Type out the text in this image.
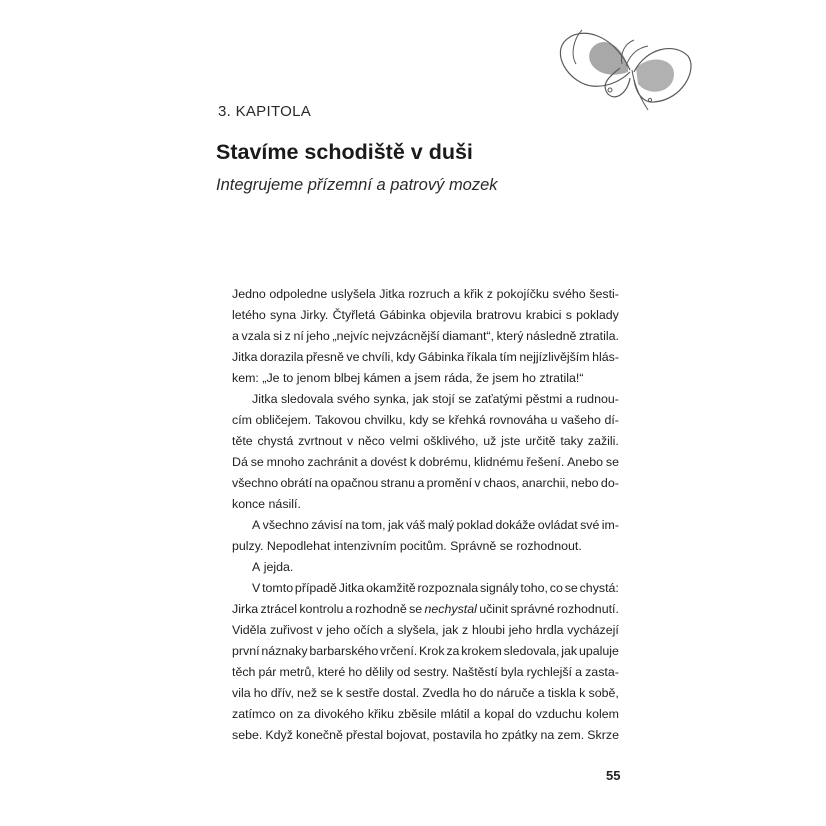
3. KAPITOLA
Stavíme schodiště v duši
Integrujeme přízemní a patrový mozek
Jedno odpoledne uslyšela Jitka rozruch a křik z pokojíčku svého šesti-
letého syna Jirky. Čtyřletá Gábinka objevila bratrovu krabici s poklady
a vzala si z ní jeho „nejvíc nejvzácnější diamant“, který následně ztratila.
Jitka dorazila přesně ve chvíli, kdy Gábinka říkala tím nejjízlivějším hlás-
kem: „Je to jenom blbej kámen a jsem ráda, že jsem ho ztratila!“
Jitka sledovala svého synka, jak stojí se zaťatými pěstmi a rudnou-
cím obličejem. Takovou chvilku, kdy se křehká rovnováha u vašeho dí-
těte chystá zvrtnout v něco velmi ošklivého, už jste určitě taky zažili.
Dá se mnoho zachránit a dovést k dobrému, klidnému řešení. Anebo se
všechno obrátí na opačnou stranu a promění v chaos, anarchii, nebo do-
konce násilí.
A všechno závisí na tom, jak váš malý poklad dokáže ovládat své im-
pulzy. Nepodlehat intenzivním pocitům. Správně se rozhodnout.
A jejda.
V tomto případě Jitka okamžitě rozpoznala signály toho, co se chystá:
Jirka ztrácel kontrolu a rozhodně se nechystal učinit správné rozhodnutí.
Viděla zuřivost v jeho očích a slyšela, jak z hloubi jeho hrdla vycházejí
první náznaky barbarského vrčení. Krok za krokem sledovala, jak upaluje
těch pár metrů, které ho dělily od sestry. Naštěstí byla rychlejší a zasta-
vila ho dřív, než se k sestře dostal. Zvedla ho do náruče a tiskla k sobě,
zatímco on za divokého křiku zběsile mlátil a kopal do vzduchu kolem
sebe. Když konečně přestal bojovat, postavila ho zpátky na zem. Skrze
55
